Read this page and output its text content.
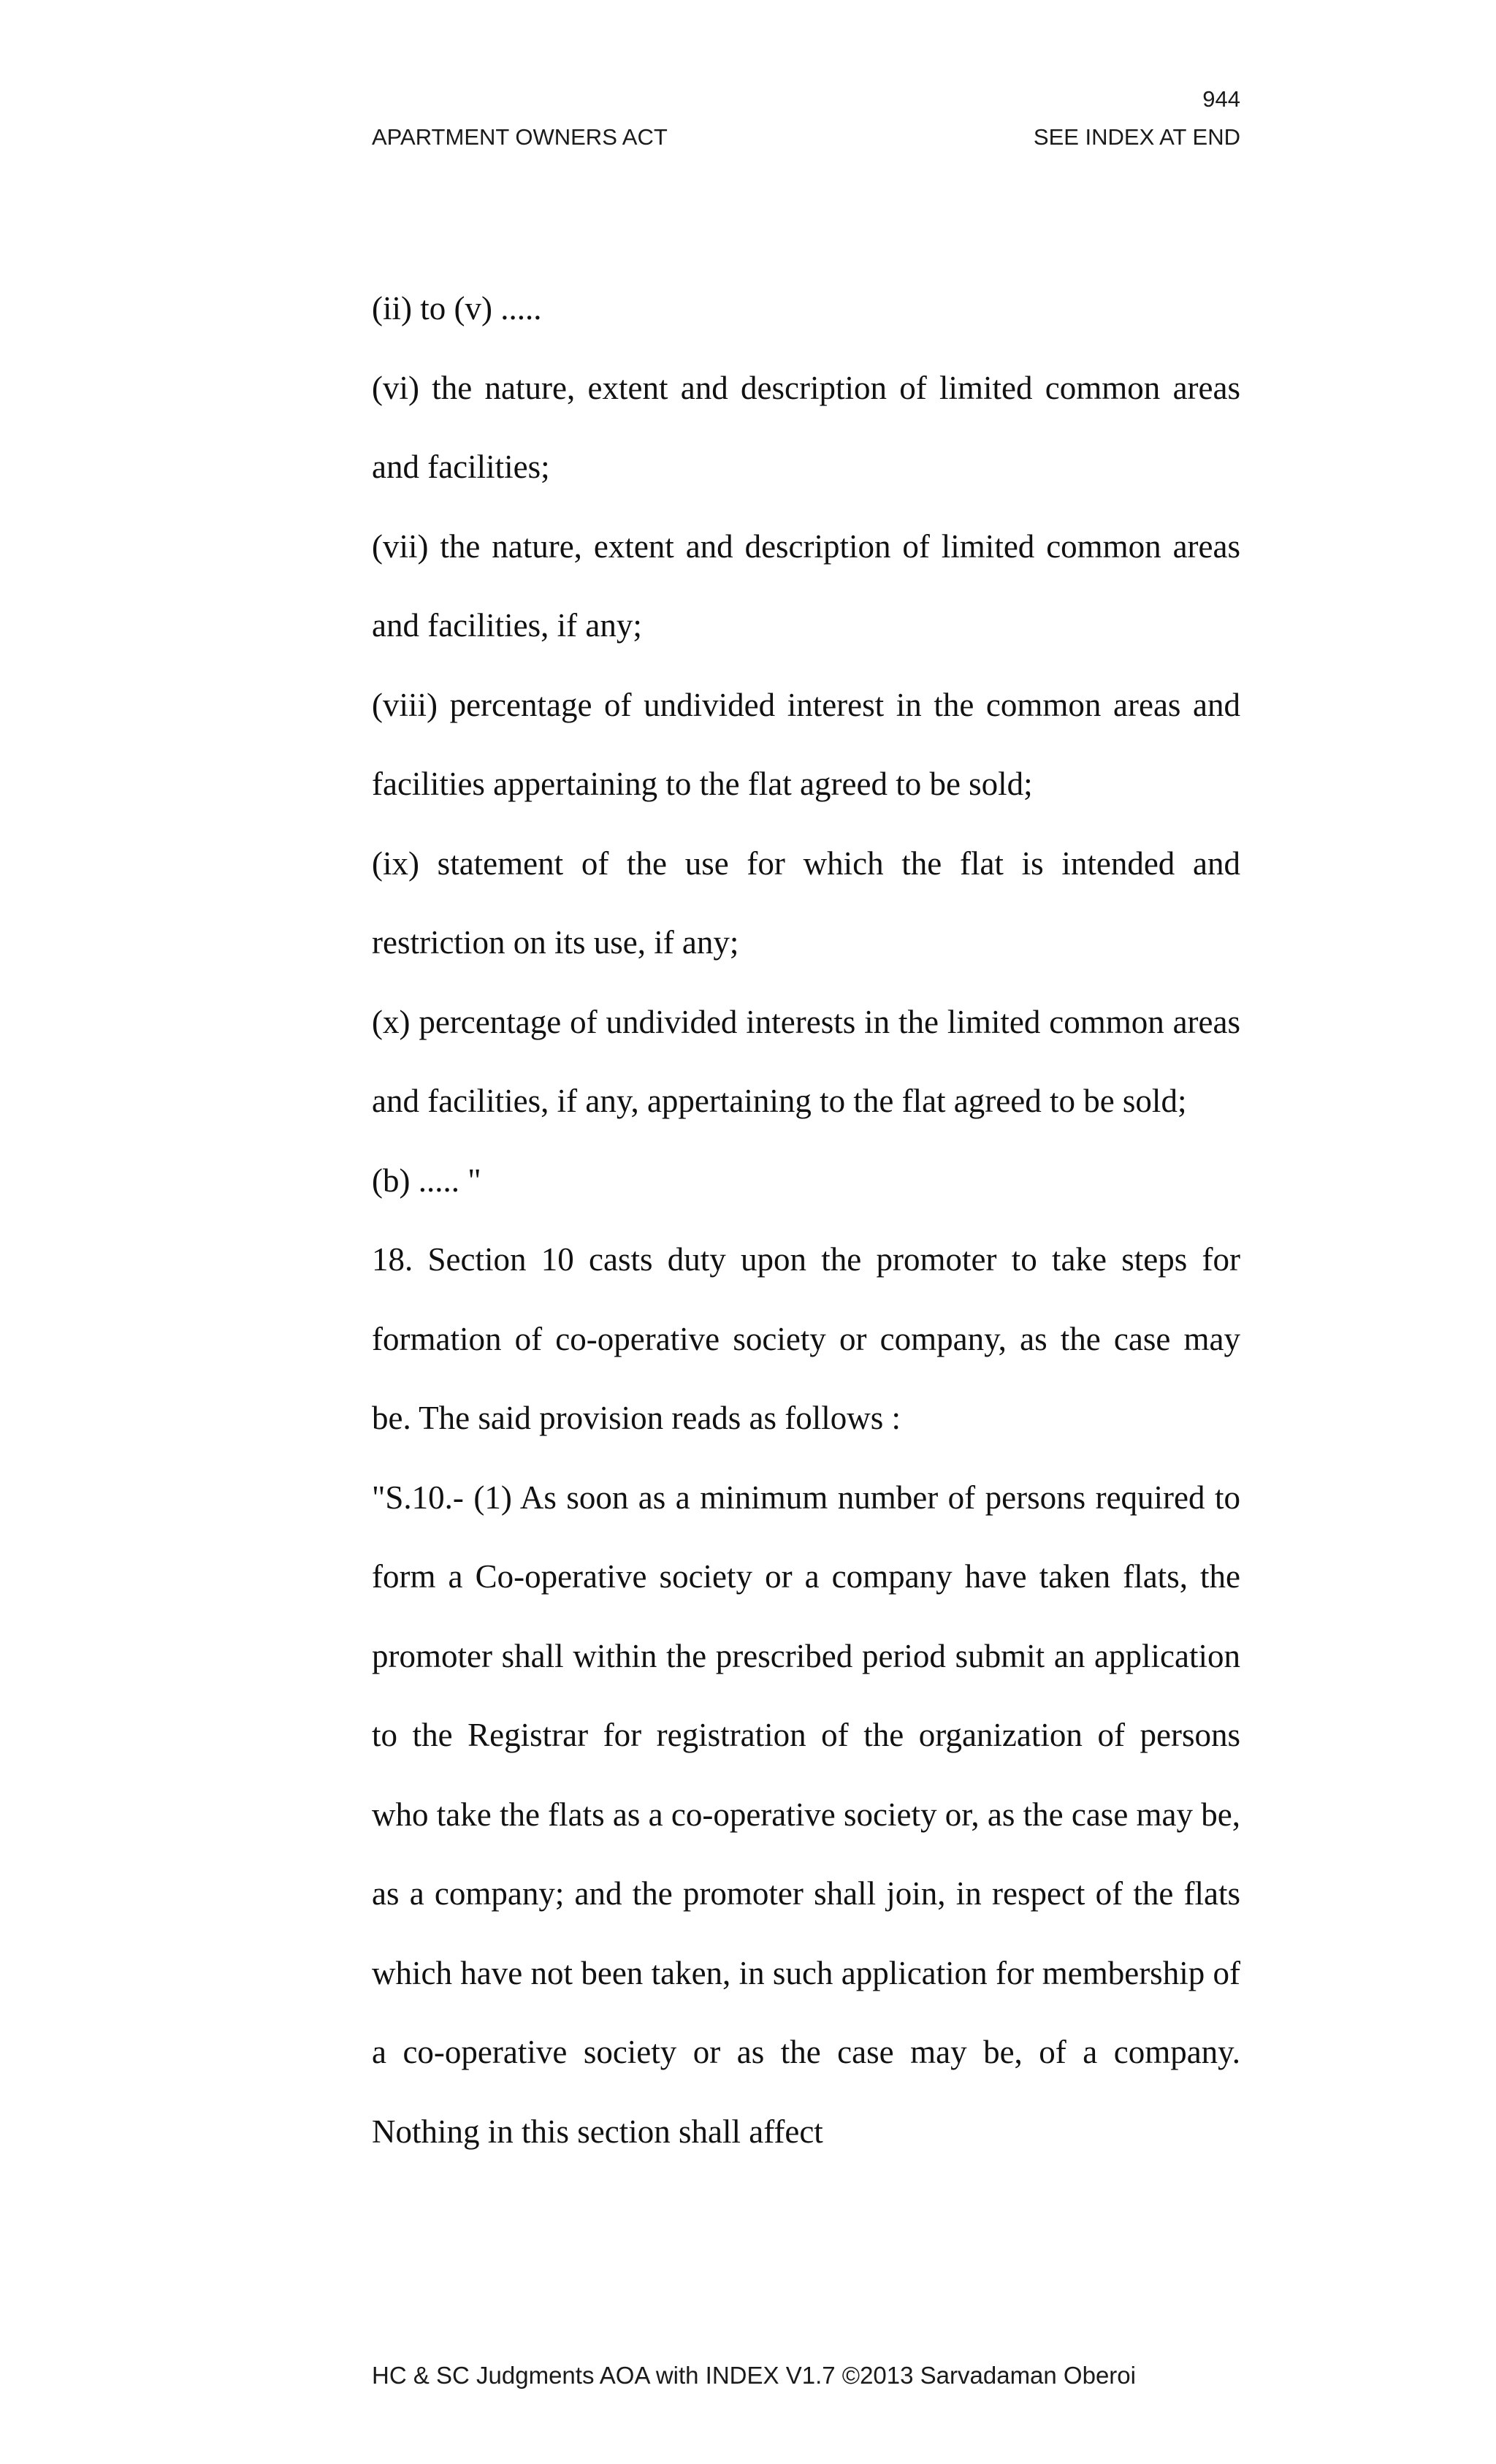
944
APARTMENT OWNERS ACT	SEE INDEX AT END

(ii) to (v) .....

(vi) the nature, extent and description of limited common areas and facilities;

(vii) the nature, extent and description of limited common areas and facilities, if any;

(viii) percentage of undivided interest in the common areas and facilities appertaining to the flat agreed to be sold;

(ix) statement of the use for which the flat is intended and restriction on its use, if any;

(x) percentage of undivided interests in the limited common areas and facilities, if any, appertaining to the flat agreed to be sold;

(b) ..... "

18. Section 10 casts duty upon the promoter to take steps for formation of co-operative society or company, as the case may be. The said provision reads as follows :

"S.10.- (1) As soon as a minimum number of persons required to form a Co-operative society or a company have taken flats, the promoter shall within the prescribed period submit an application to the Registrar for registration of the organization of persons who take the flats as a co-operative society or, as the case may be, as a company; and the promoter shall join, in respect of the flats which have not been taken, in such application for membership of a co-operative society or as the case may be, of a company. Nothing in this section shall affect

HC & SC Judgments AOA with INDEX V1.7 ©2013 Sarvadaman Oberoi
